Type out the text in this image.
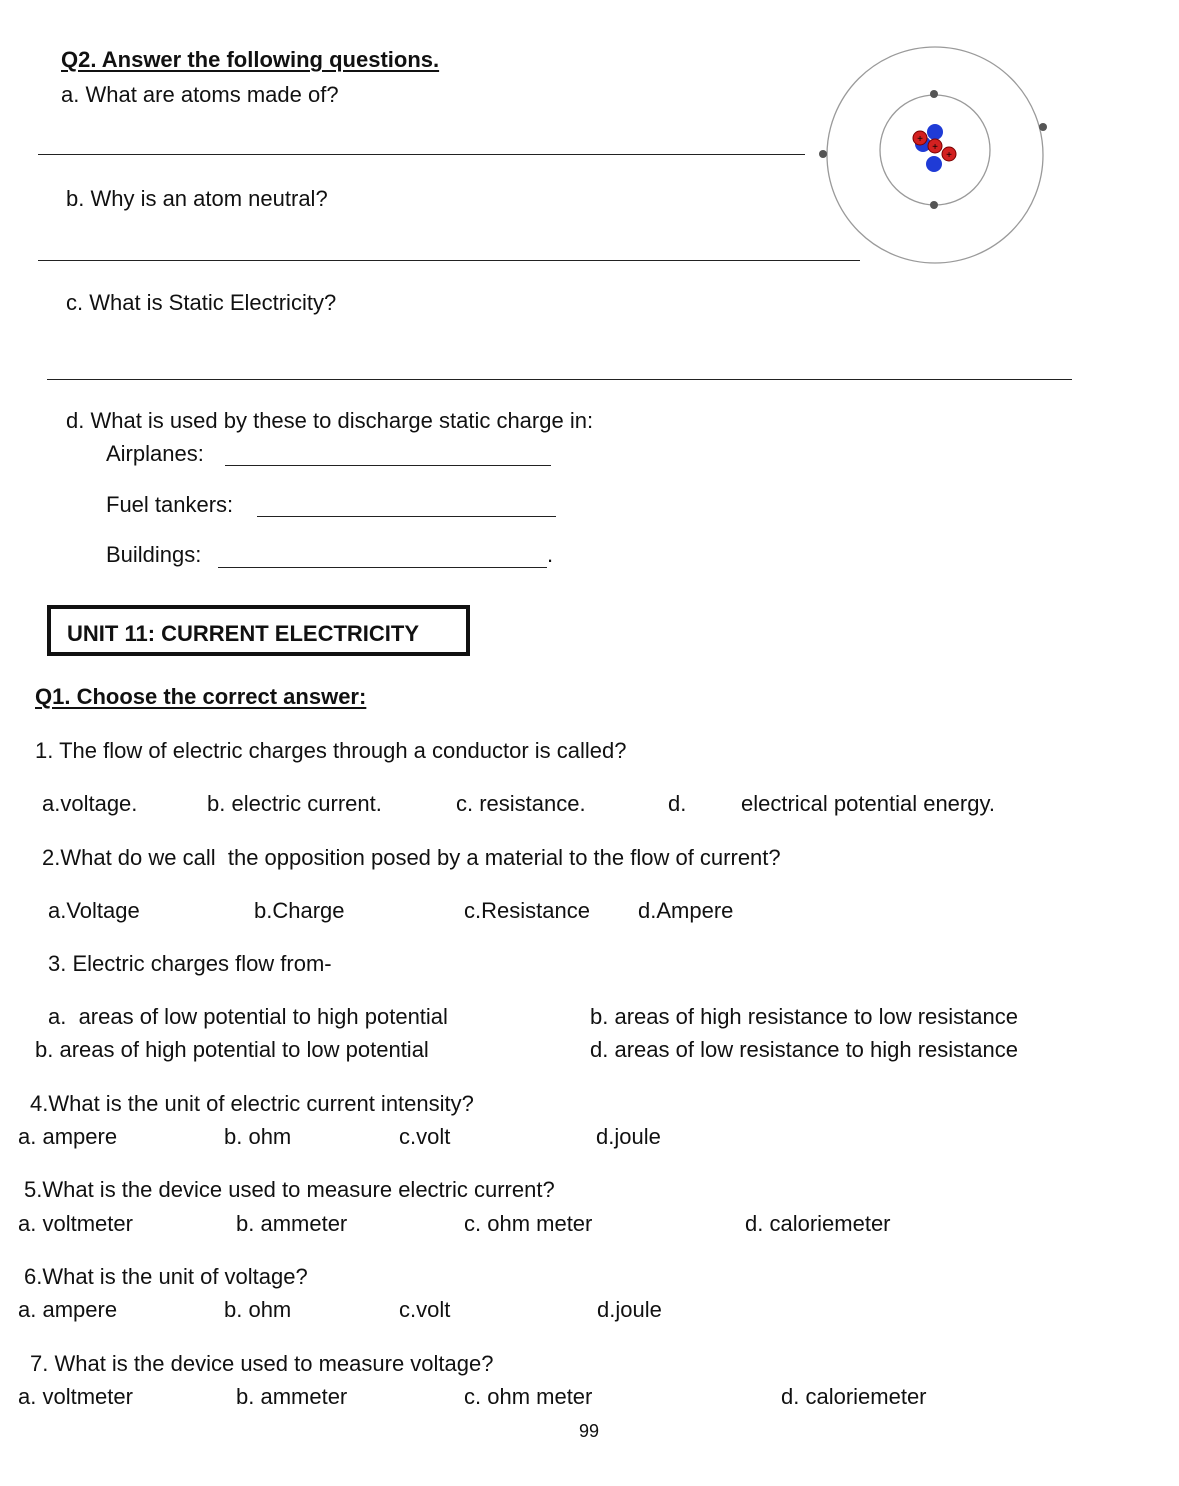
Q2. Answer the following questions.
a. What are atoms made of?
b. Why is an atom neutral?
c. What is Static Electricity?
d. What is used by these to discharge static charge in:
Airplanes:
Fuel tankers:
Buildings:	.
+
+
+
UNIT 11: CURRENT ELECTRICITY
Q1. Choose the correct answer:
1. The flow of electric charges through a conductor is called?
a.voltage.	b. electric current.	c. resistance.	d. electrical potential energy.
2.What do we call  the opposition posed by a material to the flow of current?
a.Voltage	b.Charge	c.Resistance d.Ampere
3. Electric charges flow from-
a.  areas of low potential to high potential	b. areas of high resistance to low resistance
b. areas of high potential to low potential	d. areas of low resistance to high resistance
4.What is the unit of electric current intensity?
a. ampere	b. ohm	c.volt	d.joule
5.What is the device used to measure electric current?
a. voltmeter	b. ammeter	c. ohm meter	d. caloriemeter
6.What is the unit of voltage?
a. ampere	b. ohm	c.volt	d.joule
7. What is the device used to measure voltage?
a. voltmeter	b. ammeter	c. ohm meter	d. caloriemeter
99
